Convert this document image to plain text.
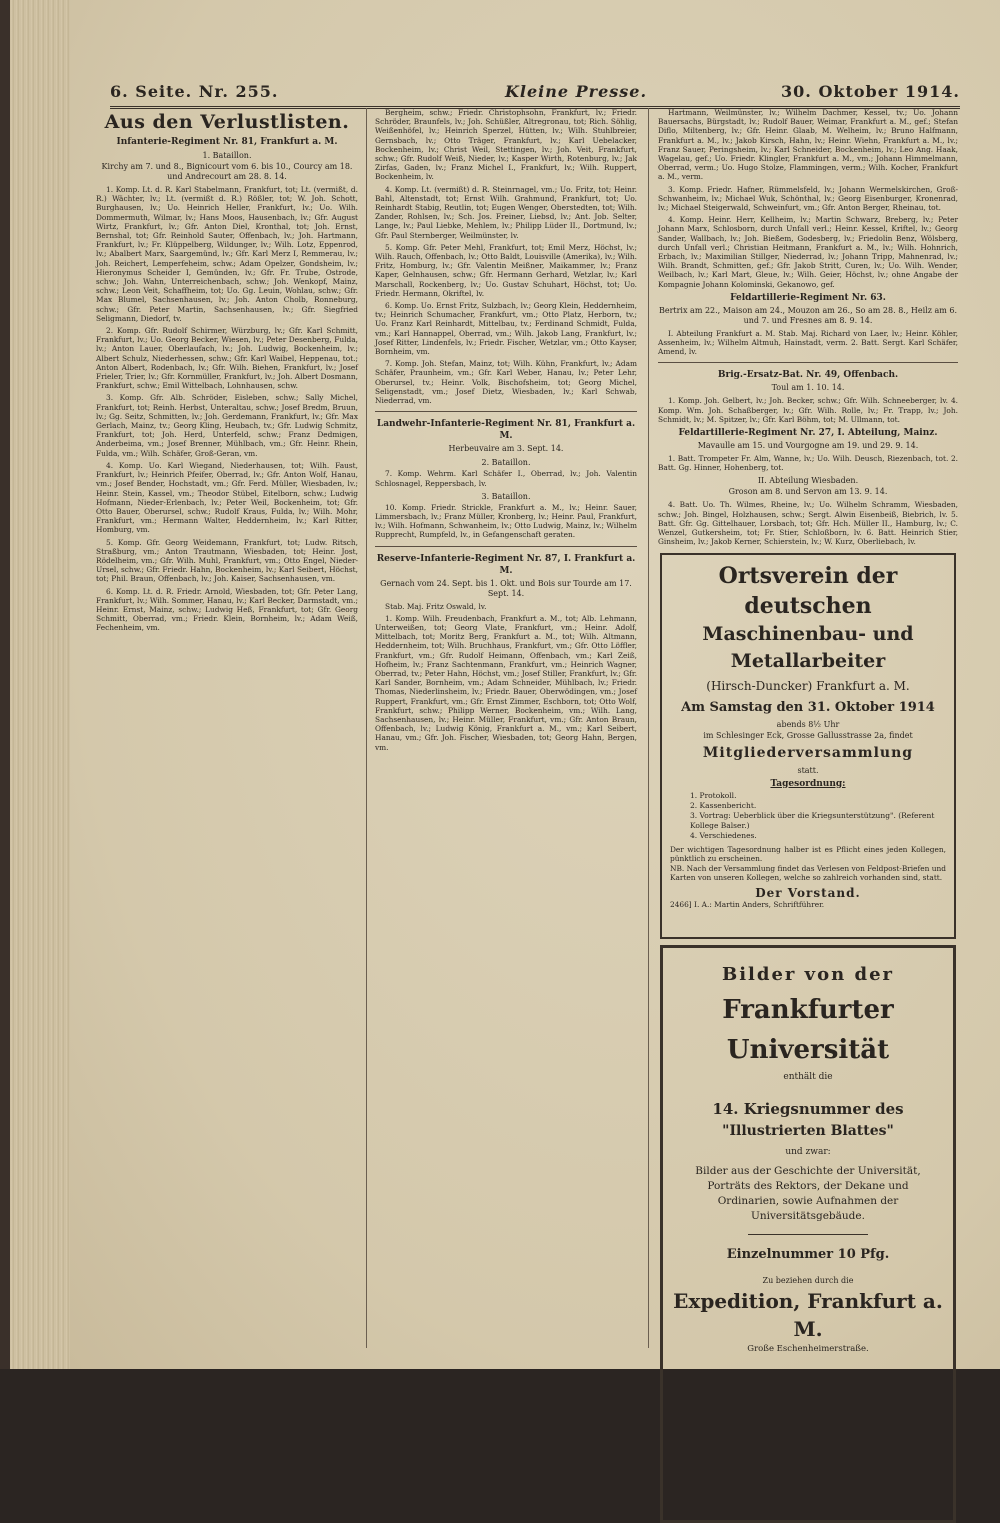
6. Seite. Nr. 255.	Kleine Presse.	30. Oktober 1914.
Aus den Verlustlisten.
Infanterie-Regiment Nr. 81, Frankfurt a. M.
1. Bataillon.
Kirchy am 7. und 8., Bignicourt vom 6. bis 10., Courcy am 18. und Andrecourt am 28. 8. 14.

1. Komp. Lt. d. R. Karl Stabelmann, Frankfurt, tot; Lt. (vermißt, d. R.) Wächter, lv.; Lt. (vermißt d. R.) Rößler, tot; W. Joh. Schott, Burghausen, lv.; Uo. Heinrich Heller, Frankfurt, lv.; Uo. Wilh. Dommermuth, Wilmar, lv.; Hans Moos, Hausenbach, lv.; Gfr. August Wirtz, Frankfurt, lv.; Gfr. Anton Diel, Kronthal, tot; Joh. Ernst, Bernshal, tot; Gfr. Reinhold Sauter, Offenbach, lv.; Joh. Hartmann, Frankfurt, lv.; Fr. Klüppelberg, Wildunger, lv.; Wilh. Lotz, Eppenrod, lv.; Abalbert Marx, Saargemünd, lv.; Gfr. Karl Merz I, Remmerau, lv.; Joh. Reichert, Lemperfeheim, schw.; Adam Opelzer, Gondsheim, lv.; Hieronymus Scheider I, Gemünden, lv.; Gfr. Fr. Trube, Ostrode, schw.; Joh. Wahn, Unterreichenbach, schw.; Joh. Wenkopf, Mainz, schw.; Leon Veit, Schaffheim, tot; Uo. Gg. Leuin, Wohlau, schw.; Gfr. Max Blumel, Sachsenhausen, lv.; Joh. Anton Cholb, Ronneburg, schw.; Gfr. Peter Martin, Sachsenhausen, lv.; Gfr. Siegfried Seligmann, Diedorf, tv.

2. Komp. Gfr. Rudolf Schirmer, Würzburg, lv.; Gfr. Karl Schmitt, Frankfurt, lv.; Uo. Georg Becker, Wiesen, lv.; Peter Desenberg, Fulda, lv.; Anton Lauer, Oberlaufach, lv.; Joh. Ludwig, Bockenheim, lv.; Albert Schulz, Niederhessen, schw.; Gfr. Karl Waibel, Heppenau, tot.; Anton Albert, Rodenbach, lv.; Gfr. Wilh. Biehen, Frankfurt, lv.; Josef Frieler, Trier, lv.; Gfr. Kornmüller, Frankfurt, lv.; Joh. Albert Dosmann, Frankfurt, schw.; Emil Wittelbach, Lohnhausen, schw.

3. Komp. Gfr. Alb. Schröder, Eisleben, schw.; Sally Michel, Frankfurt, tot; Reinh. Herbst, Unteraltau, schw.; Josef Bredm, Bruun, lv.; Gg. Seitz, Schmitten, lv.; Joh. Gerdemann, Frankfurt, lv.; Gfr. Max Gerlach, Mainz, tv.; Georg Kling, Heubach, tv.; Gfr. Ludwig Schmitz, Frankfurt, tot; Joh. Herd, Unterfeld, schw.; Franz Dedmigen, Anderbeima, vm.; Josef Brenner, Mühlbach, vm.; Gfr. Heinr. Rhein, Fulda, vm.; Wilh. Schäfer, Groß-Geran, vm.

4. Komp. Uo. Karl Wiegand, Niederhausen, tot; Wilh. Faust, Frankfurt, lv.; Heinrich Pfeifer, Oberrad, lv.; Gfr. Anton Wolf, Hanau, vm.; Josef Bender, Hochstadt, vm.; Gfr. Ferd. Müller, Wiesbaden, lv.; Heinr. Stein, Kassel, vm.; Theodor Stübel, Eitelborn, schw.; Ludwig Hofmann, Nieder-Erlenbach, lv.; Peter Weil, Bockenheim, tot; Gfr. Otto Bauer, Oberursel, schw.; Rudolf Kraus, Fulda, lv.; Wilh. Mohr, Frankfurt, vm.; Hermann Walter, Heddernheim, lv.; Karl Ritter, Homburg, vm.

5. Komp. Gfr. Georg Weidemann, Frankfurt, tot; Ludw. Ritsch, Straßburg, vm.; Anton Trautmann, Wiesbaden, tot; Heinr. Jost, Rödelheim, vm.; Gfr. Wilh. Muhl, Frankfurt, vm.; Otto Engel, Nieder-Ursel, schw.; Gfr. Friedr. Hahn, Bockenheim, lv.; Karl Seibert, Höchst, tot; Phil. Braun, Offenbach, lv.; Joh. Kaiser, Sachsenhausen, vm.

6. Komp. Lt. d. R. Friedr. Arnold, Wiesbaden, tot; Gfr. Peter Lang, Frankfurt, lv.; Wilh. Sommer, Hanau, lv.; Karl Becker, Darmstadt, vm.; Heinr. Ernst, Mainz, schw.; Ludwig Heß, Frankfurt, tot; Gfr. Georg Schmitt, Oberrad, vm.; Friedr. Klein, Bornheim, lv.; Adam Weiß, Fechenheim, vm.

Bergheim, schw.; Friedr. Christophsohn, Frankfurt, lv.; Friedr. Schröder, Braunfels, lv.; Joh. Schüßler, Altregronau, tot; Rich. Söhlig, Weißenhöfel, lv.; Heinrich Sperzel, Hütten, lv.; Wilh. Stuhlbreier, Gernsbach, lv.; Otto Träger, Frankfurt, lv.; Karl Uebelacker, Bockenheim, lv.; Christ Weil, Stettingen, lv.; Joh. Veit, Frankfurt, schw.; Gfr. Rudolf Weiß, Nieder, lv.; Kasper Wirth, Rotenburg, lv.; Jak Zirfas, Gaden, lv.; Franz Michel I., Frankfurt, lv.; Wilh. Ruppert, Bockenheim, lv.

4. Komp. Lt. (vermißt) d. R. Steinrnagel, vm.; Uo. Fritz, tot; Heinr. Bahl, Altenstadt, tot; Ernst Wilh. Grahmund, Frankfurt, tot; Uo. Reinhardt Stabig, Reutlin, tot; Eugen Wenger, Oberstedten, tot; Wilh. Zander, Rohlsen, lv.; Sch. Jos. Freiner, Liebsd, lv.; Ant. Job. Selter, Lange, lv.; Paul Liebke, Mehlem, lv.; Philipp Lüder II., Dortmund, lv.; Gfr. Paul Sternberger, Weilmünster, lv.

5. Komp. Gfr. Peter Mehl, Frankfurt, tot; Emil Merz, Höchst, lv.; Wilh. Rauch, Offenbach, lv.; Otto Baldt, Louisville (Amerika), lv.; Wilh. Fritz, Homburg, lv.; Gfr. Valentin Meißner, Maikammer, lv.; Franz Kaper, Gelnhausen, schw.; Gfr. Hermann Gerhard, Wetzlar, lv.; Karl Marschall, Rockenberg, lv.; Uo. Gustav Schuhart, Höchst, tot; Uo. Friedr. Hermann, Okriftel, lv.

6. Komp. Uo. Ernst Fritz, Sulzbach, lv.; Georg Klein, Heddernheim, tv.; Heinrich Schumacher, Frankfurt, vm.; Otto Platz, Herborn, tv.; Uo. Franz Karl Reinhardt, Mittelbau, tv.; Ferdinand Schmidt, Fulda, vm.; Karl Hannappel, Oberrad, vm.; Wilh. Jakob Lang, Frankfurt, lv.; Josef Ritter, Lindenfels, lv.; Friedr. Fischer, Wetzlar, vm.; Otto Kayser, Bornheim, vm.

7. Komp. Joh. Stefan, Mainz, tot; Wilh. Kühn, Frankfurt, lv.; Adam Schäfer, Praunheim, vm.; Gfr. Karl Weber, Hanau, lv.; Peter Lehr, Oberursel, tv.; Heinr. Volk, Bischofsheim, tot; Georg Michel, Seligenstadt, vm.; Josef Dietz, Wiesbaden, lv.; Karl Schwab, Niederrad, vm.

Landwehr-Infanterie-Regiment Nr. 81, Frankfurt a. M.
Herbeuvaire am 3. Sept. 14.
2. Bataillon.

7. Komp. Wehrm. Karl Schäfer I., Oberrad, lv.; Joh. Valentin Schlosnagel, Reppersbach, lv.

3. Bataillon.

10. Komp. Friedr. Strickle, Frankfurt a. M., lv.; Heinr. Sauer, Limmersbach, lv.; Franz Müller, Kronberg, lv.; Heinr. Paul, Frankfurt, lv.; Wilh. Hofmann, Schwanheim, lv.; Otto Ludwig, Mainz, lv.; Wilhelm Rupprecht, Rumpfeld, lv., in Gefangenschaft geraten.

Reserve-Infanterie-Regiment Nr. 87, I. Frankfurt a. M.
Gernach vom 24. Sept. bis 1. Okt. und Bois sur Tourde am 17. Sept. 14.

Stab. Maj. Fritz Oswald, lv.

1. Komp. Wilh. Freudenbach, Frankfurt a. M., tot; Alb. Lehmann, Unterweißen, tot; Georg Vlate, Frankfurt, vm.; Heinr. Adolf, Mittelbach, tot; Moritz Berg, Frankfurt a. M., tot; Wilh. Altmann, Heddernheim, tot; Wilh. Bruchhaus, Frankfurt, vm.; Gfr. Otto Löffler, Frankfurt, vm.; Gfr. Rudolf Heimann, Offenbach, vm.; Karl Zeiß, Hofheim, lv.; Franz Sachtenmann, Frankfurt, vm.; Heinrich Wagner, Oberrad, tv.; Peter Hahn, Höchst, vm.; Josef Stiller, Frankfurt, lv.; Gfr. Karl Sander, Bornheim, vm.; Adam Schneider, Mühlbach, lv.; Friedr. Thomas, Niederlinsheim, lv.; Friedr. Bauer, Oberwödingen, vm.; Josef Ruppert, Frankfurt, vm.; Gfr. Ernst Zimmer, Eschborn, tot; Otto Wolf, Frankfurt, schw.; Philipp Werner, Bockenheim, vm.; Wilh. Lang, Sachsenhausen, lv.; Heinr. Müller, Frankfurt, vm.; Gfr. Anton Braun, Offenbach, lv.; Ludwig König, Frankfurt a. M., vm.; Karl Seibert, Hanau, vm.; Gfr. Joh. Fischer, Wiesbaden, tot; Georg Hahn, Bergen, vm.

Hartmann, Weilmünster, lv.; Wilhelm Dachmer, Kessel, tv.; Uo. Johann Bauersachs, Bürgstadt, lv.; Rudolf Bauer, Weimar, Frankfurt a. M., gef.; Stefan Diflo, Miltenberg, lv.; Gfr. Heinr. Glaab, M. Welheim, lv.; Bruno Halfmann, Frankfurt a. M., lv.; Jakob Kirsch, Hahn, lv.; Heinr. Wiehn, Frankfurt a. M., lv.; Franz Sauer, Peringsheim, lv.; Karl Schneider, Bockenheim, lv.; Leo Ang. Haak, Wagelau, gef.; Uo. Friedr. Klingler, Frankfurt a. M., vm.; Johann Himmelmann, Oberrad, verm.; Uo. Hugo Stolze, Flammingen, verm.; Wilh. Kocher, Frankfurt a. M., verm.

3. Komp. Friedr. Hafner, Rümmelsfeld, lv.; Johann Wermelskirchen, Groß-Schwanheim, lv.; Michael Wuk, Schönthal, lv.; Georg Eisenburger, Kronenrad, lv.; Michael Steigerwald, Schweinfurt, vm.; Gfr. Anton Berger, Rheinau, tot.

4. Komp. Heinr. Herr, Kellheim, lv.; Martin Schwarz, Breberg, lv.; Peter Johann Marx, Schlosborn, durch Unfall verl.; Heinr. Kessel, Kriftel, lv.; Georg Sander, Wallbach, lv.; Joh. Bießem, Godesberg, lv.; Friedolin Benz, Wölsberg, durch Unfall verl.; Christian Heitmann, Frankfurt a. M., lv.; Wilh. Hohnrich, Erbach, lv.; Maximilian Stillger, Niederrad, lv.; Johann Tripp, Mahnenrad, lv.; Wilh. Brandt, Schmitten, gef.; Gfr. Jakob Stritt, Curen, lv.; Uo. Wilh. Wender, Weilbach, lv.; Karl Mart, Gleue, lv.; Wilh. Geier, Höchst, lv.; ohne Angabe der Kompagnie Johann Kolominski, Gekanowo, gef.

Feldartillerie-Regiment Nr. 63.
Bertrix am 22., Maison am 24., Mouzon am 26., So am 28. 8., Heilz am 6. und 7. und Fresnes am 8. 9. 14.

I. Abteilung Frankfurt a. M. Stab. Maj. Richard von Laer, lv.; Heinr. Köhler, Assenheim, lv.; Wilhelm Altmuh, Hainstadt, verm. 2. Batt. Sergt. Karl Schäfer, Amend, lv.

Brig.-Ersatz-Bat. Nr. 49, Offenbach.
Toul am 1. 10. 14.

1. Komp. Joh. Gelbert, lv.; Joh. Becker, schw.; Gfr. Wilh. Schneeberger, lv. 4. Komp. Wm. Joh. Schaßberger, lv.; Gfr. Wilh. Rolle, lv.; Fr. Trapp, lv.; Joh. Schmidt, lv.; M. Spitzer, lv.; Gfr. Karl Böhm, tot; M. Ullmann, tot.

Feldartillerie-Regiment Nr. 27, I. Abteilung, Mainz.
Mavaulle am 15. und Vourgogne am 19. und 29. 9. 14.

1. Batt. Trompeter Fr. Alm, Wanne, lv.; Uo. Wilh. Deusch, Riezenbach, tot. 2. Batt. Gg. Hinner, Hohenberg, tot.

II. Abteilung Wiesbaden.
Groson am 8. und Servon am 13. 9. 14.

4. Batt. Uo. Th. Wilmes, Rheine, lv.; Uo. Wilhelm Schramm, Wiesbaden, schw.; Joh. Bingel, Holzhausen, schw.; Sergt. Alwin Eisenbeiß, Biebrich, lv. 5. Batt. Gfr. Gg. Gittelhauer, Lorsbach, tot; Gfr. Hch. Müller II., Hamburg, lv.; C. Wenzel, Gutkersheim, tot; Fr. Stier, Schloßborn, lv. 6. Batt. Heinrich Stier, Ginsheim, lv.; Jakob Kerner, Schierstein, lv.; W. Kurz, Oberliebach, lv.

Ortsverein der deutschen
Maschinenbau- und Metallarbeiter
(Hirsch-Duncker) Frankfurt a. M.
Am Samstag den 31. Oktober 1914
abends 8½ Uhr
im Schlesinger Eck, Grosse Gallusstrasse 2a, findet
Mitgliederversammlung
statt.
Tagesordnung:
1. Protokoll.
2. Kassenbericht.
3. Vortrag: Ueberblick über die Kriegsunterstützung". (Referent Kollege Balser.)
4. Verschiedenes.
Der wichtigen Tagesordnung halber ist es Pflicht eines jeden Kollegen, pünktlich zu erscheinen.
NB. Nach der Versammlung findet das Verlesen von Feldpost-Briefen und Karten von unseren Kollegen, welche so zahlreich vorhanden sind, statt.
Der Vorstand.
2466] I. A.: Martin Anders, Schriftführer.
Bilder von der
Frankfurter Universität
enthält die
14. Kriegsnummer des
"Illustrierten Blattes"
und zwar:
Bilder aus der Geschichte der Universität, Porträts des Rektors, der Dekane und Ordinarien, sowie Aufnahmen der Universitätsgebäude.
Einzelnummer 10 Pfg.
Zu beziehen durch die
Expedition, Frankfurt a. M.
Große Eschenheimerstraße.
